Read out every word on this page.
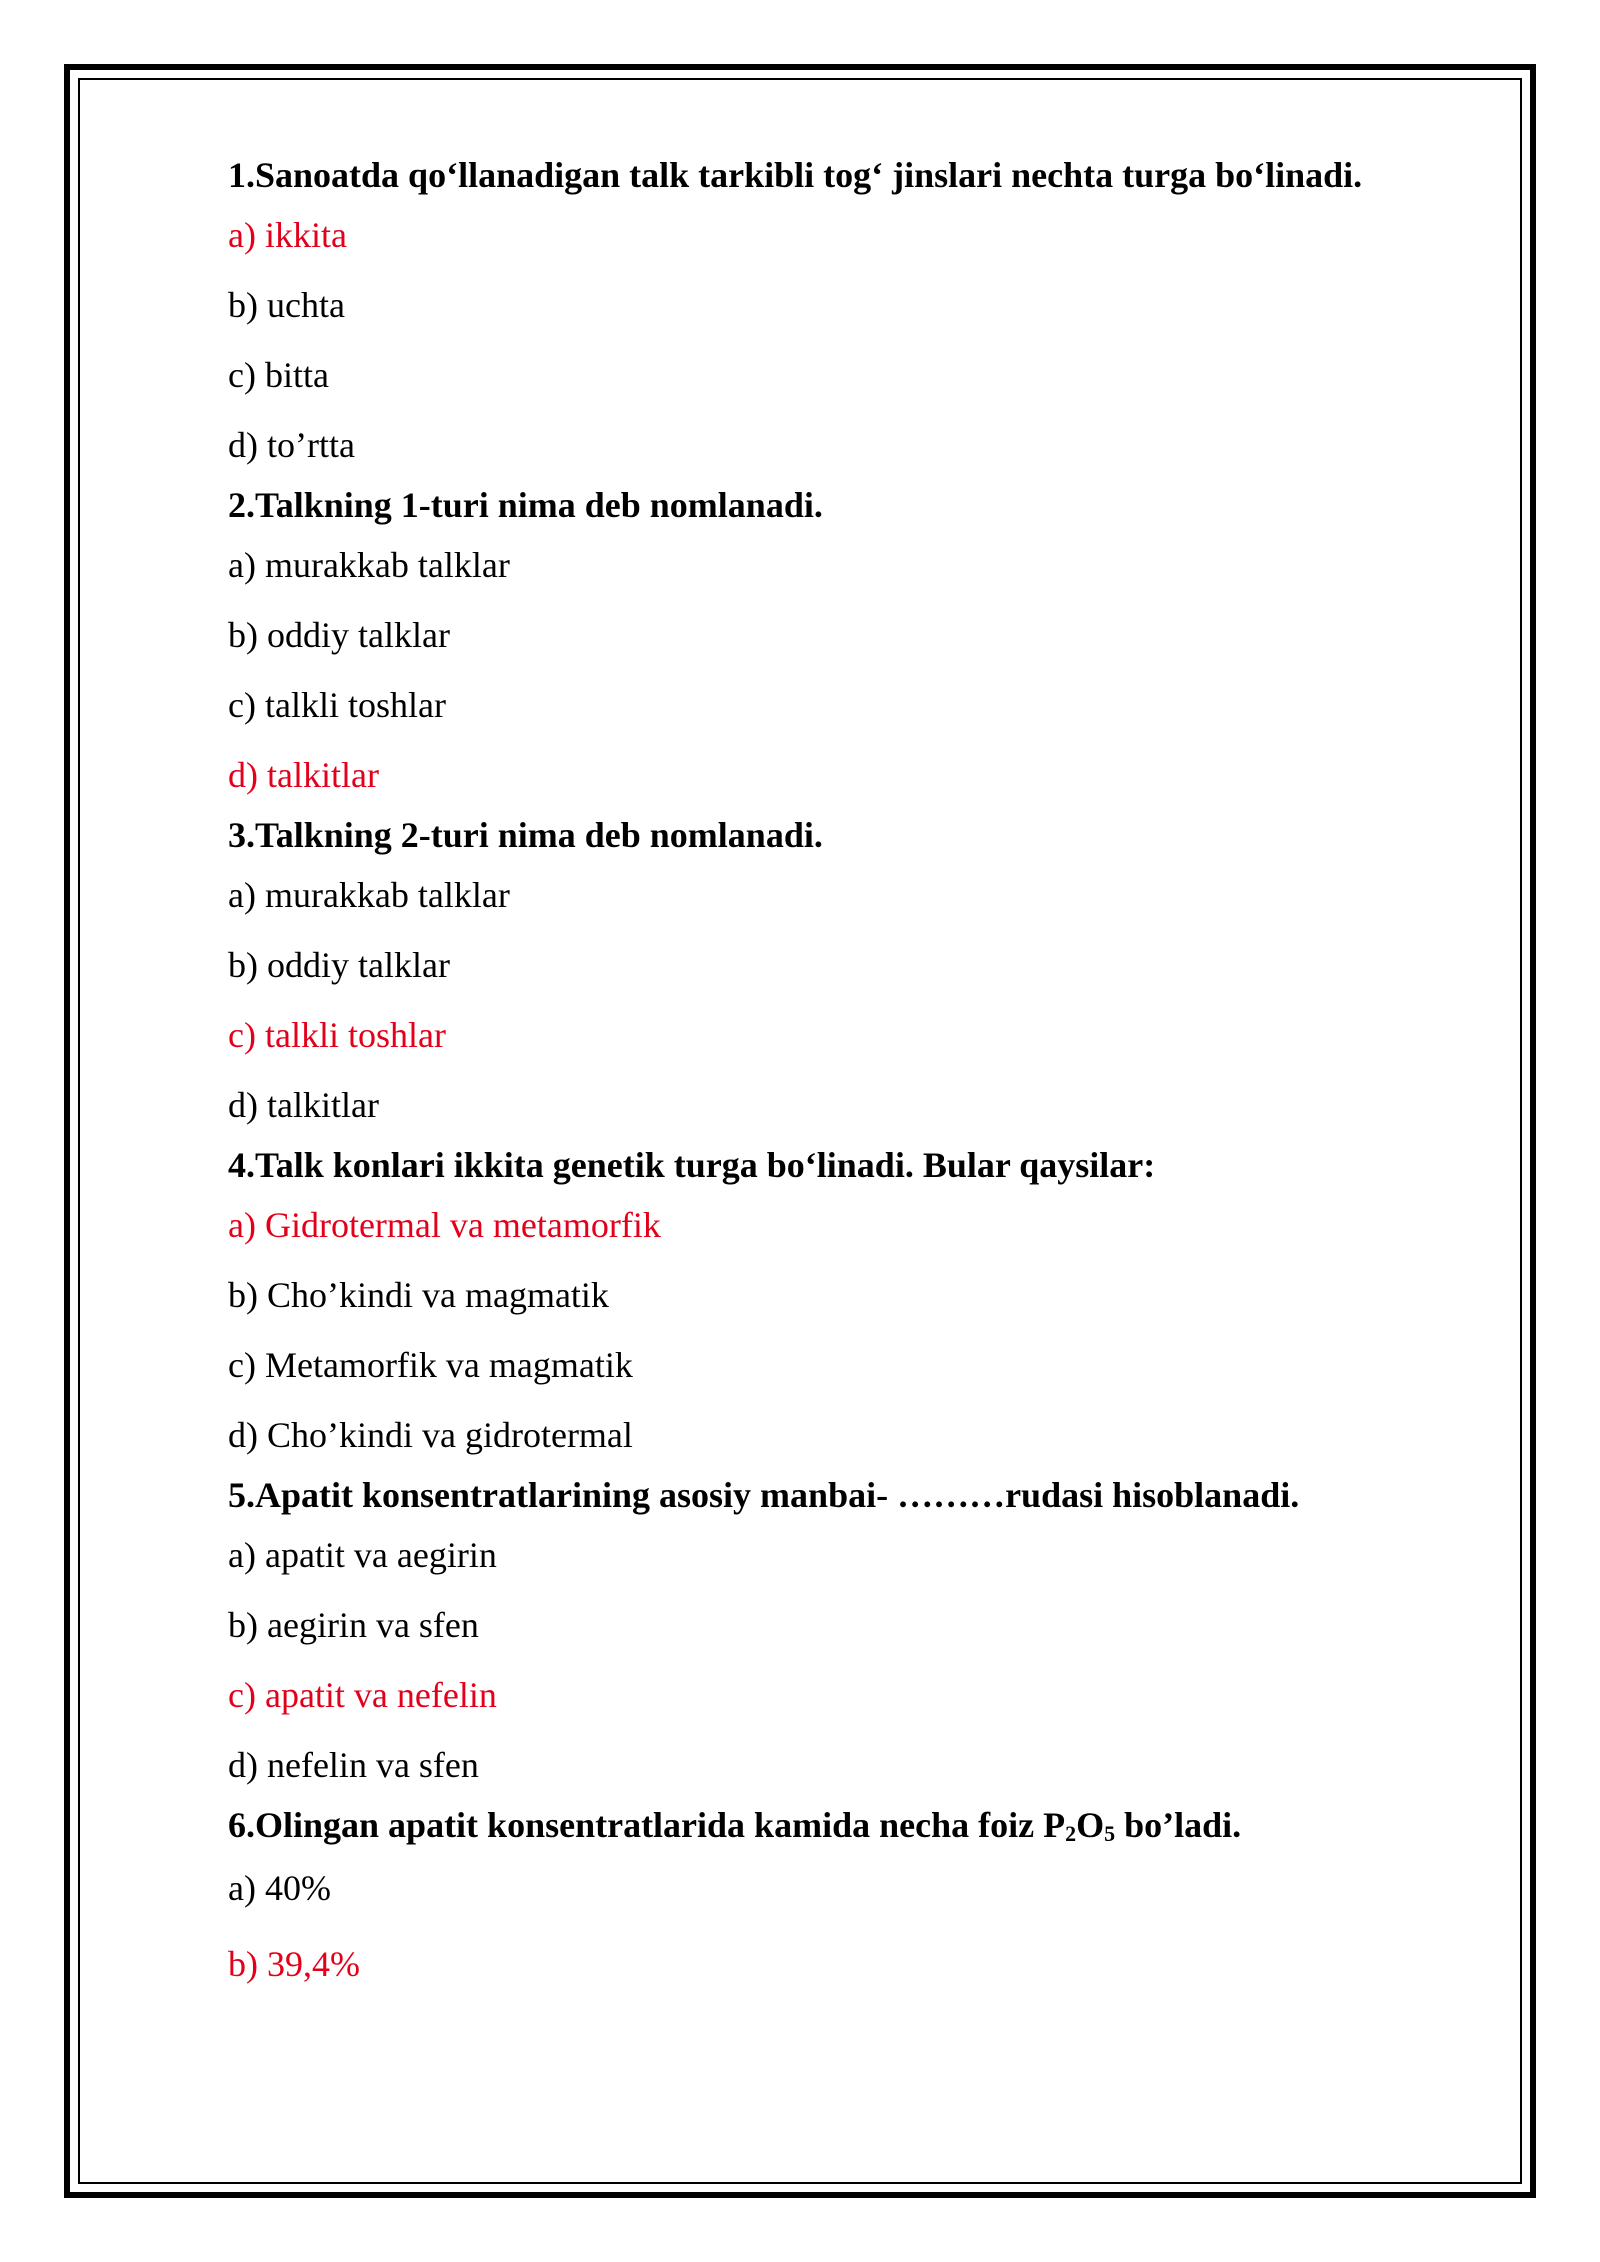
1.Sanoatda qo‘llanadigan talk tarkibli tog‘ jinslari nechta turga bo‘linadi.

a) ikkita

b) uchta

c) bitta

d) to’rtta

2.Talkning 1-turi nima deb nomlanadi.

a) murakkab talklar

b) oddiy talklar

c) talkli toshlar

d) talkitlar

3.Talkning 2-turi nima deb nomlanadi.

a) murakkab talklar

b) oddiy talklar

c) talkli toshlar

d) talkitlar

4.Talk konlari ikkita genetik turga bo‘linadi. Bular qaysilar:

a) Gidrotermal va metamorfik

b) Cho’kindi va magmatik

c) Metamorfik va magmatik

d) Cho’kindi va gidrotermal

5.Apatit konsentratlarining asosiy manbai- ………rudasi hisoblanadi.

a) apatit va aegirin

b) aegirin va sfen

c) apatit va nefelin

d) nefelin va sfen

6.Olingan apatit konsentratlarida kamida necha foiz $P_2O_5$ bo’ladi.

a) 40%

b) 39,4%
